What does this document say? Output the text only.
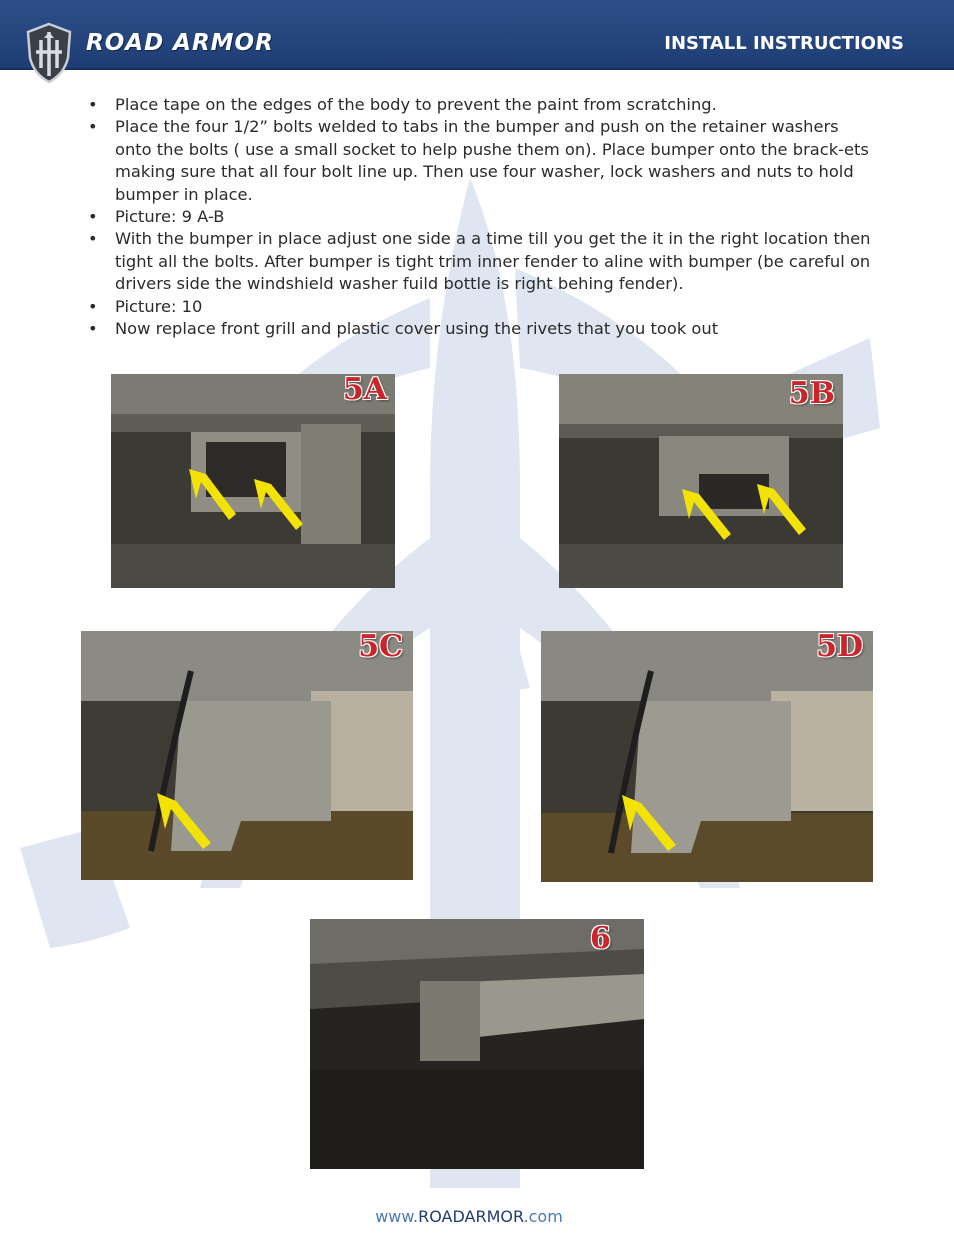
ROAD ARMOR	INSTALL INSTRUCTIONS
• Place tape on the edges of the body to prevent the paint from scratching.
• Place the four 1/2” bolts welded to tabs in the bumper and push on the retainer washers onto the bolts ( use a small socket to help pushe them on). Place bumper onto the brack-ets making sure that all four bolt line up. Then use four washer, lock washers and nuts to hold bumper in place.
• Picture: 9 A-B
• With the bumper in place adjust one side a a time till you get the it in the right location then tight all the bolts. After bumper is tight trim inner fender to aline with bumper (be careful on drivers side the windshield washer fuild bottle is right behing fender).
• Picture: 10
• Now replace front grill and plastic cover using the rivets that you took out
5A	5B
5C	5D
6
www.ROADARMOR.com
